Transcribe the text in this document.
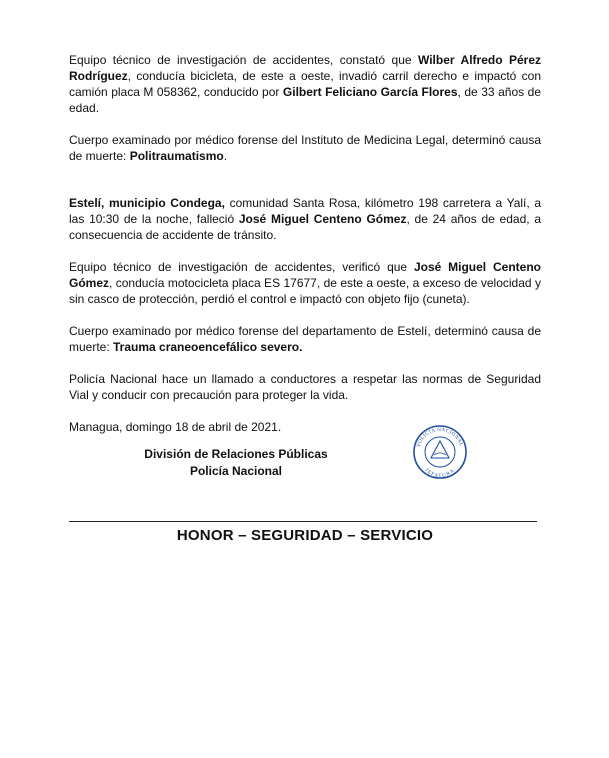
Equipo técnico de investigación de accidentes, constató que Wilber Alfredo Pérez Rodríguez, conducía bicicleta, de este a oeste, invadió carril derecho e impactó con camión placa M 058362, conducido por Gilbert Feliciano García Flores, de 33 años de edad.

Cuerpo examinado por médico forense del Instituto de Medicina Legal, determinó causa de muerte: Politraumatismo.

Estelí, municipio Condega, comunidad Santa Rosa, kilómetro 198 carretera a Yalí, a las 10:30 de la noche, falleció José Miguel Centeno Gómez, de 24 años de edad, a consecuencia de accidente de tránsito.

Equipo técnico de investigación de accidentes, verificó que José Miguel Centeno Gómez, conducía motocicleta placa ES 17677, de este a oeste, a exceso de velocidad y sin casco de protección, perdió el control e impactó con objeto fijo (cuneta).

Cuerpo examinado por médico forense del departamento de Estelí, determinó causa de muerte: Trauma craneoencefálico severo.

Policía Nacional hace un llamado a conductores a respetar las normas de Seguridad Vial y conducir con precaución para proteger la vida.

Managua, domingo 18 de abril de 2021.

División de Relaciones Públicas
Policía Nacional
POLICÍA NACIONAL
JEFATURA
HONOR – SEGURIDAD – SERVICIO
